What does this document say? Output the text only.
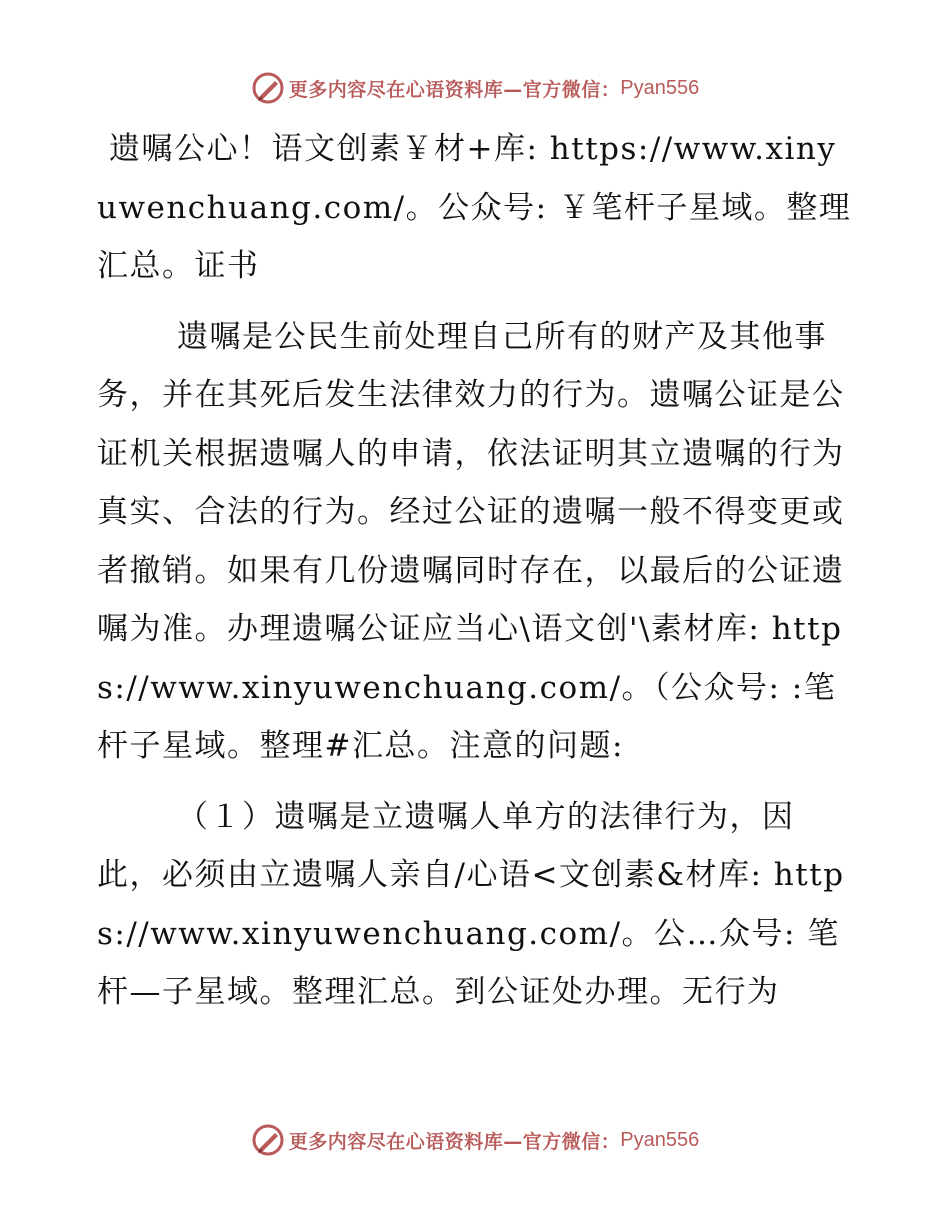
更多内容尽在心语资料库—官方微信： Pyan556

遗嘱公心！语文创素￥材+库: https://www.xinyuwenchuang.com/。公众号: ￥笔杆子星域。整理汇总。证书

遗嘱是公民生前处理自己所有的财产及其他事务，并在其死后发生法律效力的行为。遗嘱公证是公证机关根据遗嘱人的申请，依法证明其立遗嘱的行为真实、合法的行为。经过公证的遗嘱一般不得变更或者撤销。如果有几份遗嘱同时存在，以最后的公证遗嘱为准。办理遗嘱公证应当心\语文创'\素材库: https://www.xinyuwenchuang.com/。（公众号: :笔杆子星域。整理#汇总。注意的问题:

（１）遗嘱是立遗嘱人单方的法律行为，因此，必须由立遗嘱人亲自/心语<文创素&材库: https://www.xinyuwenchuang.com/。公…众号: 笔杆—子星域。整理汇总。到公证处办理。无行为

更多内容尽在心语资料库—官方微信： Pyan556
